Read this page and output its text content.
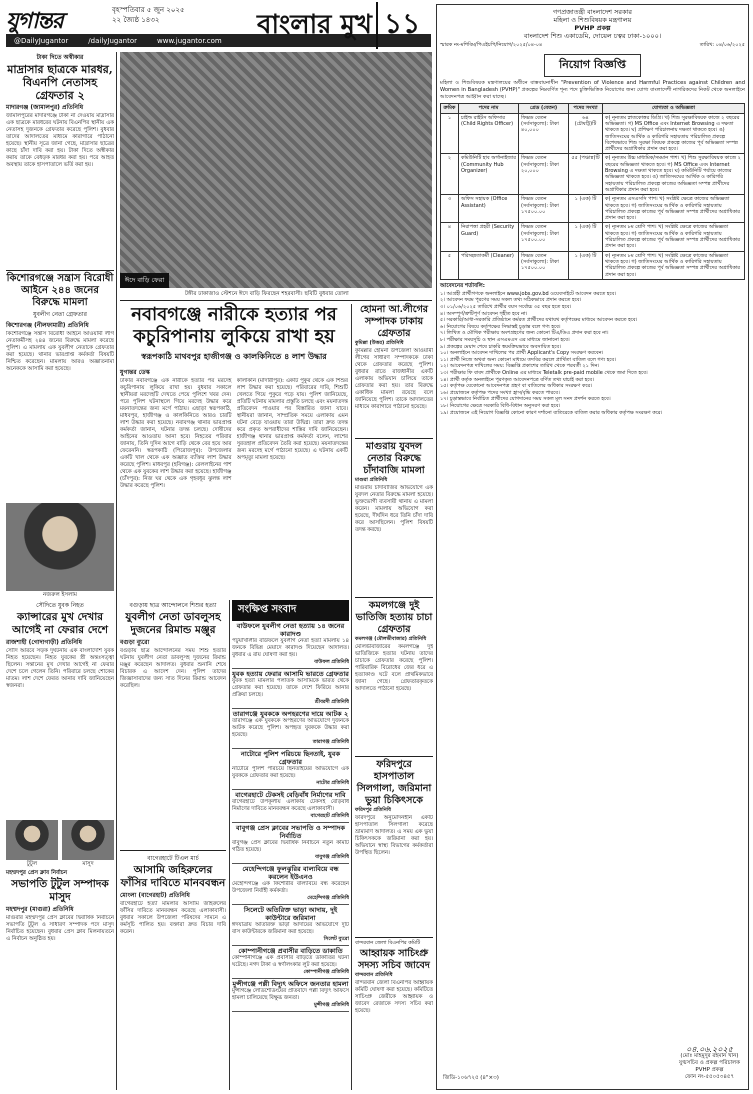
যুগান্তর	বৃহস্পতিবার ৫ জুন ২০২৫
২২ জ্যৈষ্ঠ ১৪৩২
@DailyJugantor	/dailyJugantor	www.jugantor.com
বাংলার মুখ ১১
টাকা দিতে অস্বীকার
মাদ্রাসার ছাত্রকে মারধর, বিএনপি নেতাসহ গ্রেফতার ২
মাদারগঞ্জ (জামালপুর) প্রতিনিধি
জামালপুরের মাদারগঞ্জে টাকা না দেওয়ায় মাদ্রাসার এক ছাত্রকে মারধরের ঘটনায় বিএনপির স্থানীয় এক নেতাসহ দুজনকে গ্রেফতার করেছে পুলিশ। বুধবার তাদের আদালতের মাধ্যমে কারাগারে পাঠানো হয়েছে। স্থানীয় সূত্রে জানা গেছে, মাদ্রাসার ছাত্রের কাছে চাঁদা দাবি করা হয়। টাকা দিতে অস্বীকার করায় তাকে বেধড়ক মারধর করা হয়। পরে আহত অবস্থায় তাকে হাসপাতালে ভর্তি করা হয়।
কিশোরগঞ্জে সন্ত্রাস বিরোধী আইনে ২৪৪ জনের বিরুদ্ধে মামলা
যুবলীগ নেতা গ্রেফতার
কিশোরগঞ্জ (নীলফামারী) প্রতিনিধি
কিশোরগঞ্জে সন্ত্রাস বিরোধী আইনে আওয়ামী লীগ নেতাকর্মীসহ ২৪৪ জনের বিরুদ্ধে মামলা করেছে পুলিশ। এ মামলায় এক যুবলীগ নেতাকে গ্রেফতার করা হয়েছে। থানার ভারপ্রাপ্ত কর্মকর্তা বিষয়টি নিশ্চিত করেছেন। মামলায় আরও অজ্ঞাতনামা অনেককে আসামি করা হয়েছে।
নজরুল ইসলাম
সৌদিতে যুবক নিহত
ক্যান্সারের মুখ দেখার আগেই না ফেরার দেশে
রাজশাহী (গোদাগাড়ী) প্রতিনিধি
সৌদি আরবে সড়ক দুর্ঘটনায় এক বাংলাদেশি যুবক নিহত হয়েছেন। নিহত যুবকের স্ত্রী অন্তঃসত্ত্বা ছিলেন। সন্তানের মুখ দেখার আগেই না ফেরার দেশে চলে গেলেন তিনি। পরিবারে চলছে শোকের মাতম। লাশ দেশে ফেরত আনার দাবি জানিয়েছেন স্বজনরা।
টুটুল	মাসুদ
মহম্মদপুর প্রেস ক্লাব নির্বাচন
সভাপতি টুটুল সম্পাদক মাসুদ
মহম্মদপুর (মাগুরা) প্রতিনিধি
মাগুরার মহম্মদপুর প্রেস ক্লাবের দ্বিবার্ষিক নির্বাচনে সভাপতি টুটুল ও সাধারণ সম্পাদক পদে মাসুদ নির্বাচিত হয়েছেন। বুধবার প্রেস ক্লাব মিলনায়তনে এ নির্বাচন অনুষ্ঠিত হয়।
ঈদে বাড়ি ফেরা
টঙ্গীর ঢাকাজাও স্টেশনে ঈদে বাড়ি ফিরছেন শহরবাসী। ছবিটি বুধবার তোলা
নবাবগঞ্জে নারীকে হত্যার পর কচুরিপানায় লুকিয়ে রাখা হয়
স্বরূপকাঠি মাথবপুর হাজীগঞ্জ ও কালকিনিতে ৪ লাশ উদ্ধার
যুগান্তর ডেস্ক
ঢাকার নবাবগঞ্জে এক নারীকে হত্যার পর মরদেহ কচুরিপানায় লুকিয়ে রাখা হয়। বুধবার সকালে স্থানীয়রা মরদেহটি দেখতে পেয়ে পুলিশে খবর দেন। পরে পুলিশ ঘটনাস্থলে গিয়ে মরদেহ উদ্ধার করে ময়নাতদন্তের জন্য মর্গে পাঠায়। এছাড়া স্বরূপকাঠি, মাধবপুর, হাজীগঞ্জ ও কালকিনিতে আরও চারটি লাশ উদ্ধার করা হয়েছে। নবাবগঞ্জ থানার ভারপ্রাপ্ত কর্মকর্তা জানান, ঘটনার তদন্ত চলছে। দোষীদের আইনের আওতায় আনা হবে। নিহতের পরিবার জানায়, তিনি দুদিন আগে বাড়ি থেকে বের হয়ে আর ফেরেননি। স্বরূপকাঠি (পিরোজপুর): উপজেলার একটি খাল থেকে এক অজ্ঞাত ব্যক্তির লাশ উদ্ধার করেছে পুলিশ। মাধবপুর (হবিগঞ্জ): রেললাইনের পাশ থেকে এক যুবকের লাশ উদ্ধার করা হয়েছে। হাজীগঞ্জ (চাঁদপুর): নিজ ঘর থেকে এক গৃহবধূর ঝুলন্ত লাশ উদ্ধার করেছে পুলিশ।
কালকিনি (মাদারীপুর): একটি পুকুর থেকে এক শিশুর লাশ উদ্ধার করা হয়েছে। পরিবারের দাবি, শিশুটি খেলতে গিয়ে পুকুরে পড়ে যায়। পুলিশ জানিয়েছে, প্রতিটি ঘটনায় মামলার প্রস্তুতি চলছে এবং ময়নাতদন্ত প্রতিবেদন পাওয়ার পর বিস্তারিত জানা যাবে। স্থানীয়রা জানান, সাম্প্রতিক সময়ে এলাকায় এমন ঘটনা বেড়ে যাওয়ায় তারা উদ্বিগ্ন। তারা দ্রুত তদন্ত করে প্রকৃত অপরাধীদের শাস্তির দাবি জানিয়েছেন। হাজীগঞ্জ থানার ভারপ্রাপ্ত কর্মকর্তা বলেন, লাশের সুরতহাল প্রতিবেদন তৈরি করা হয়েছে। ময়নাতদন্তের জন্য মরদেহ মর্গে পাঠানো হয়েছে। এ ঘটনায় একটি অপমৃত্যু মামলা হয়েছে।
হোমনা আ.লীগের সম্পাদক ঢাকায় গ্রেফতার
কুমিল্লা (উত্তর) প্রতিনিধি
কুমিল্লার হোমনা উপজেলা আওয়ামী লীগের সাধারণ সম্পাদককে ঢাকা থেকে গ্রেফতার করেছে পুলিশ। বুধবার রাতে রাজধানীর একটি এলাকায় অভিযান চালিয়ে তাকে গ্রেফতার করা হয়। তার বিরুদ্ধে একাধিক মামলা রয়েছে বলে জানিয়েছে পুলিশ। তাকে আদালতের মাধ্যমে কারাগারে পাঠানো হয়েছে।
মাগুরায় যুবদল নেতার বিরুদ্ধে চাঁদাবাজি মামলা
মাগুরা প্রতিনিধি
মাগুরায় চাঁদাবাজির অভিযোগে এক যুবদল নেতার বিরুদ্ধে মামলা হয়েছে। ভুক্তভোগী ব্যবসায়ী থানায় এ মামলা করেন। মামলায় অভিযোগ করা হয়েছে, দীর্ঘদিন ধরে তিনি চাঁদা দাবি করে আসছিলেন। পুলিশ বিষয়টি তদন্ত করছে।
কমলগঞ্জে দুই ভাতিজি হত্যায় চাচা গ্রেফতার
কমলগঞ্জ (মৌলভীবাজার) প্রতিনিধি
মৌলভীবাজারের কমলগঞ্জে দুই ভাতিজিকে হত্যার ঘটনায় তাদের চাচাকে গ্রেফতার করেছে পুলিশ। পারিবারিক বিরোধের জের ধরে এ হত্যাকাণ্ড ঘটে বলে প্রাথমিকভাবে জানা গেছে। গ্রেফতারকৃতকে আদালতে পাঠানো হয়েছে।
ফরিদপুরে হাসপাতাল সিলগালা, জরিমানা ভুয়া চিকিৎসকে
ফরিদপুর প্রতিনিধি
ফরিদপুরে অনুমোদনহীন একটি হাসপাতাল সিলগালা করেছে ভ্রাম্যমাণ আদালত। এ সময় এক ভুয়া চিকিৎসককে জরিমানা করা হয়। অভিযানে স্বাস্থ্য বিভাগের কর্মকর্তারা উপস্থিত ছিলেন।
বান্দরবান জেলা বিএনপির কমিটি
আহ্বায়ক সাচিংপ্রু সদস্য সচিব জাবেদ
বান্দরবান প্রতিনিধি
বান্দরবান জেলা বিএনপির আহ্বায়ক কমিটি ঘোষণা করা হয়েছে। কমিটিতে সাচিংপ্রু জেরীকে আহ্বায়ক ও জাবেদ রেজাকে সদস্য সচিব করা হয়েছে।
বগুড়ায় ছাত্র আন্দোলনে শিশুর হত্যা
যুবলীগ নেতা ডাবলুসহ দুজনের রিমান্ড মঞ্জুর
বগুড়া ব্যুরো
বগুড়ায় ছাত্র আন্দোলনের সময় শিশু হত্যার ঘটনায় যুবলীগ নেতা ডাবলুসহ দুজনের রিমান্ড মঞ্জুর করেছেন আদালত। বুধবার শুনানি শেষে বিচারক এ আদেশ দেন। পুলিশ তাদের জিজ্ঞাসাবাদের জন্য সাত দিনের রিমান্ড আবেদন করেছিল।
বাগেরহাটে টিএল মার্চ
আসামি জহিরুলের ফাঁসির দাবিতে মানববন্ধন
মোংলা (বাগেরহাট) প্রতিনিধি
বাগেরহাটে হত্যা মামলার আসামি জহিরুলের ফাঁসির দাবিতে মানববন্ধন করেছে এলাকাবাসী। বুধবার সকালে উপজেলা পরিষদের সামনে এ কর্মসূচি পালিত হয়। বক্তারা দ্রুত বিচার দাবি করেন।
সংক্ষিপ্ত সংবাদ
বাউফলে যুবলীগ নেতা হত্যায় ১৪ জনের কারাদণ্ড
পটুয়াখালীর বাউফলে যুবলীগ নেতা হত্যা মামলায় ১৪ জনকে বিভিন্ন মেয়াদে কারাদণ্ড দিয়েছেন আদালত। বুধবার এ রায় ঘোষণা করা হয়।
বাউফল প্রতিনিধি
যুবক হত্যায় ফেরার আসামি ভারতে গ্রেফতার
যুবক হত্যা মামলার পলাতক আসামিকে ভারত থেকে গ্রেফতার করা হয়েছে। তাকে দেশে ফিরিয়ে আনার প্রক্রিয়া চলছে।
শ্রীবরদী প্রতিনিধি
তারাগঞ্জে যুবককে অপহরণের দায়ে আটক ২
তারাগঞ্জে এক যুবককে অপহরণের অভিযোগে দুজনকে আটক করেছে পুলিশ। অপহৃত যুবককে উদ্ধার করা হয়েছে।
তারাগঞ্জ প্রতিনিধি
নাটোরে পুলিশ পরিচয়ে ছিনতাই, যুবক গ্রেফতার
নাটোরে পুলিশ পরিচয়ে ছিনতাইয়ের অভিযোগে এক যুবককে গ্রেফতার করা হয়েছে।
নাটোর প্রতিনিধি
বাগেরহাটে টেকসই বেড়িবাঁধ নির্মাণের দাবি
বাগেরহাটে উপকূলীয় এলাকায় টেকসই বেড়িবাঁধ নির্মাণের দাবিতে মানববন্ধন করেছে এলাকাবাসী।
বাগেরহাট প্রতিনিধি
বাবুগঞ্জ প্রেস ক্লাবের সভাপতি ও সম্পাদক নির্বাচিত
বাবুগঞ্জ প্রেস ক্লাবের দ্বিবার্ষিক নির্বাচনে নতুন কমিটি গঠিত হয়েছে।
বাবুগঞ্জ প্রতিনিধি
মেহেন্দিগঞ্জে ফুলঝুরির বাল্যবিয়ে বন্ধ করলেন ইউএনও
মেহেন্দিগঞ্জে এক কিশোরীর বাল্যবিয়ে বন্ধ করেছেন উপজেলা নির্বাহী কর্মকর্তা।
মেহেন্দিগঞ্জ প্রতিনিধি
সিলেটে অতিরিক্ত ভাড়া আদায়, দুই কাউন্টারে জরিমানা
ঈদযাত্রায় অতিরিক্ত ভাড়া আদায়ের অভিযোগে দুটি বাস কাউন্টারকে জরিমানা করা হয়েছে।
সিলেট ব্যুরো
কোম্পানীগঞ্জে প্রবাসীর বাড়িতে ডাকাতি
কোম্পানীগঞ্জে এক প্রবাসীর বাড়িতে ডাকাতির ঘটনা ঘটেছে। নগদ টাকা ও স্বর্ণালংকার লুট করা হয়েছে।
কোম্পানীগঞ্জ প্রতিনিধি
মুন্সীগঞ্জে পল্লী বিদ্যুৎ অফিসে জনতার হামলা
মুন্সীগঞ্জে লোডশেডিংয়ের প্রতিবাদে পল্লী বিদ্যুৎ অফিসে হামলা চালিয়েছে বিক্ষুব্ধ জনতা।
মুন্সীগঞ্জ প্রতিনিধি
গণপ্রজাতন্ত্রী বাংলাদেশ সরকার
মহিলা ও শিশুবিষয়ক মন্ত্রণালয়
PVHP প্রকল্প
বাংলাদেশ শিশু একাডেমি, দোয়েল চত্বর ঢাকা-১০০০।
স্মারক নং-মশিবিম/পিএইচপি/নিয়োগ/২০২৫/০৪-০৪	তারিখ: ০৪/০৬/২০২৫
নিয়োগ বিজ্ঞপ্তি
মহিলা ও শিশুবিষয়ক মন্ত্রণালয়ের অধীনে বাস্তবায়নাধীন "Prevention of Violence and Harmful Practices against Children and Women in Bangladesh (PVHP)" প্রকল্পের নিম্নবর্ণিত শূন্য পদে চুক্তিভিত্তিক নিয়োগের জন্য যোগ্য বাংলাদেশী নাগরিকদের নিকট থেকে অনলাইনে আবেদনপত্র আহ্বান করা যাচ্ছে।
ক্রমিক	পদের নাম	গ্রেড (বেতন)	পদের সংখ্যা	যোগ্যতা ও অভিজ্ঞতা
১	চাইল্ড রাইটস অফিসার (Child Rights Officer)	ফিক্সড বেতন (সর্বসাকুল্যে): টাকা ৪০,০০০	৬৪ (চৌষট্টি)টি	ক) নূন্যতম স্নাতকোত্তর ডিগ্রি। খ) শিশু সুরক্ষাবিষয়ক কাজে ২ বছরের অভিজ্ঞতা। গ) MS Office এবং Internet Browsing এ দক্ষতা থাকতে হবে। ঘ) প্রশিক্ষণ পরিচালনায় দক্ষতা থাকতে হবে। ঙ) জাতিসংঘের আর্থিক ও কারিগরি সহায়তায় পরিচালিত প্রকল্পে বিশেষভাবে শিশু সুরক্ষা বিষয়ক প্রকল্পে কাজের পূর্ব অভিজ্ঞতা সম্পন্ন প্রার্থীদের অগ্রাধিকার প্রদান করা হবে।
২	কমিউনিটি হাব অর্গানাইজার (Community Hub Organizer)	ফিক্সড বেতন (সর্বসাকুল্যে): টাকা ২০,০০০	৫৫ (পঞ্চান্ন)টি	ক) নূন্যতম উচ্চ মাধ্যমিক/সমমান পাশ। খ) শিশু সুরক্ষাবিষয়ক কাজে ২ বছরের অভিজ্ঞতা থাকতে হবে। গ) MS Office এবং Internet Browsing এ দক্ষতা থাকতে হবে। ঘ) কমিউনিটি পর্যায়ে কাজের অভিজ্ঞতা থাকতে হবে। ঙ) জাতিসংঘের আর্থিক ও কারিগরি সহায়তায় পরিচালিত প্রকল্পে কাজের অভিজ্ঞতা সম্পন্ন প্রার্থীদের অগ্রাধিকার প্রদান করা হবে।
৩	অফিস সহায়ক (Office Assistant)	ফিক্সড বেতন (সর্বসাকুল্যে): টাকা ১৭৫০০.০০	১ (এক) টি	ক) ন্যূনতম এসএসসি পাশ। খ) সংশ্লিষ্ট ক্ষেত্রে কাজের অভিজ্ঞতা থাকতে হবে। গ) জাতিসংঘের আর্থিক ও কারিগরি সহায়তায় পরিচালিত প্রকল্পে কাজের পূর্ব অভিজ্ঞতা সম্পন্ন প্রার্থীদের অগ্রাধিকার প্রদান করা হবে।
৪	নিরাপত্তা প্রহরী (Security Guard)	ফিক্সড বেতন (সর্বসাকুল্যে): টাকা ১৭৫০০.০০	১ (এক) টি	ক) ন্যূনতম ৮ম শ্রেণি পাশ। খ) সংশ্লিষ্ট ক্ষেত্রে কাজের অভিজ্ঞতা থাকতে হবে। গ) জাতিসংঘের আর্থিক ও কারিগরি সহায়তায় পরিচালিত প্রকল্পে কাজের পূর্ব অভিজ্ঞতা সম্পন্ন প্রার্থীদের অগ্রাধিকার প্রদান করা হবে।
৫	পরিচ্ছন্নতাকর্মী (Cleaner)	ফিক্সড বেতন (সর্বসাকুল্যে): টাকা ১৭৫০০.০০	১ (এক) টি	ক) ন্যূনতম ৮ম শ্রেণি পাশ। খ) সংশ্লিষ্ট ক্ষেত্রে কাজের অভিজ্ঞতা থাকতে হবে। গ) জাতিসংঘের আর্থিক ও কারিগরি সহায়তায় পরিচালিত প্রকল্পে কাজের পূর্ব অভিজ্ঞতা সম্পন্ন প্রার্থীদের অগ্রাধিকার প্রদান করা হবে।
আবেদনের শর্তাবলি:
১। আগ্রহী প্রার্থীগণকে অনলাইনে www.jobs.gov.bd ওয়েবসাইটে আবেদন করতে হবে।
২। আবেদন ফরম পূরণের সময় সকল তথ্য সঠিকভাবে প্রদান করতে হবে।
৩। ০১/০৬/২০২৫ তারিখে প্রার্থীর বয়স সর্বোচ্চ ৩৫ বছর হতে হবে।
৪। অসম্পূর্ণ/ত্রুটিপূর্ণ আবেদন গৃহীত হবে না।
৫। সরকারি/আধা-সরকারি প্রতিষ্ঠানে কর্মরত প্রার্থীদের যথাযথ কর্তৃপক্ষের মাধ্যমে আবেদন করতে হবে।
৬। নিয়োগের বিষয়ে কর্তৃপক্ষের সিদ্ধান্তই চূড়ান্ত বলে গণ্য হবে।
৭। লিখিত ও মৌখিক পরীক্ষায় অংশগ্রহণের জন্য কোনো টিএ/ডিএ প্রদান করা হবে না।
৮। পরীক্ষার সময়সূচি ও স্থান এসএমএস এর মাধ্যমে জানানো হবে।
৯। প্রকল্পের মেয়াদ শেষে চাকরি স্বয়ংক্রিয়ভাবে অবসায়িত হবে।
১০। অনলাইনে আবেদন দাখিলের পর প্রার্থী Applicant's Copy সংরক্ষণ করবেন।
১১। প্রার্থী নিজে অথবা অন্য কোনো মাধ্যমে তদবির করলে প্রার্থিতা বাতিল বলে গণ্য হবে।
১২। আবেদনপত্র দাখিলের সময়: বিজ্ঞপ্তি প্রকাশের তারিখ থেকে পরবর্তী ২১ দিন।
১৩। পরীক্ষার ফি বাবদ প্রার্থীকে Online এর মাধ্যমে Teletalk pre-paid mobile থেকে জমা দিতে হবে।
১৪। প্রার্থী কর্তৃক অনলাইনে পূরণকৃত আবেদনপত্রে বর্ণিত তথ্য যাচাই করা হবে।
১৫। কর্তৃপক্ষ যেকোনো আবেদনপত্র গ্রহণ বা বাতিলের অধিকার সংরক্ষণ করে।
১৬। প্রয়োজনে কর্তৃপক্ষ পদের সংখ্যা হ্রাস/বৃদ্ধি করতে পারবে।
১৭। চূড়ান্তভাবে নির্বাচিত প্রার্থীদের যোগদানের সময় সকল মূল সনদ প্রদর্শন করতে হবে।
১৮। নিয়োগের ক্ষেত্রে সরকারি বিধি-বিধান অনুসরণ করা হবে।
১৯। প্রয়োজনে এই নিয়োগ বিজ্ঞপ্তি কোনো কারণ দর্শানো ব্যতিরেকে বাতিল করার অধিকার কর্তৃপক্ষ সংরক্ষণ করে।
০৪.০৬.২০২৫
(মোঃ মাহমুদুর রহমান খান)
যুগ্মসচিব ও প্রকল্প পরিচালক
PVHP প্রকল্প
ফোন নং-৫৫০৫৩৪৫৭
জিডি-১০৬৭২৫ (৪"×৩)
